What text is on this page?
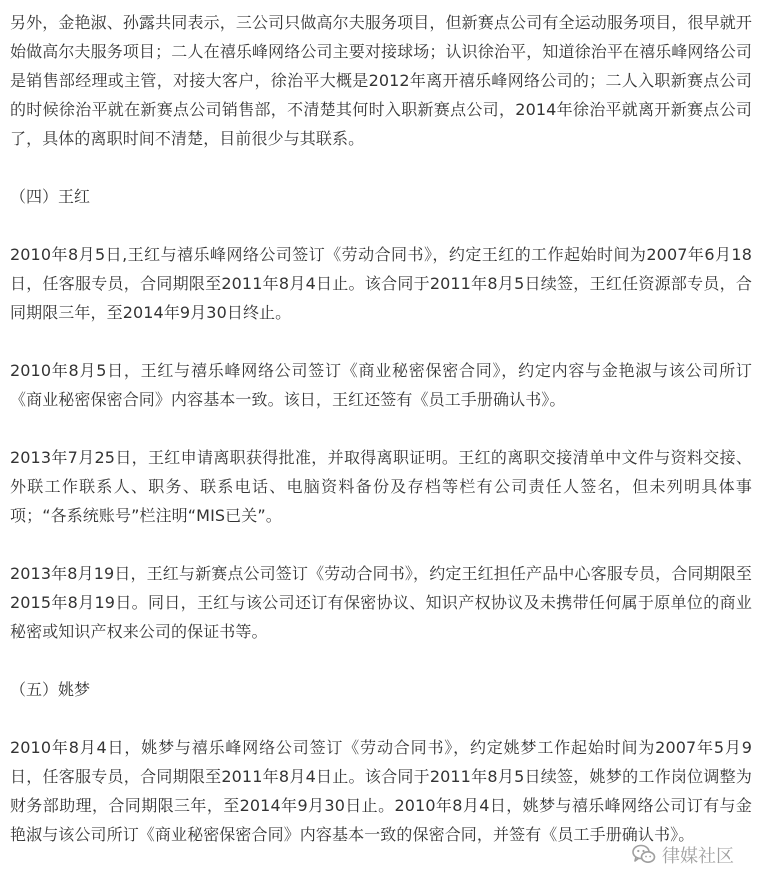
另外，金艳淑、孙露共同表示，三公司只做高尔夫服务项目，但新赛点公司有全运动服务项目，很早就开始做高尔夫服务项目；二人在禧乐峰网络公司主要对接球场；认识徐治平，知道徐治平在禧乐峰网络公司是销售部经理或主管，对接大客户，徐治平大概是2012年离开禧乐峰网络公司的；二人入职新赛点公司的时候徐治平就在新赛点公司销售部，不清楚其何时入职新赛点公司，2014年徐治平就离开新赛点公司了，具体的离职时间不清楚，目前很少与其联系。

（四）王红

2010年8月5日,王红与禧乐峰网络公司签订《劳动合同书》，约定王红的工作起始时间为2007年6月18日，任客服专员，合同期限至2011年8月4日止。该合同于2011年8月5日续签，王红任资源部专员，合同期限三年，至2014年9月30日终止。

2010年8月5日，王红与禧乐峰网络公司签订《商业秘密保密合同》，约定内容与金艳淑与该公司所订《商业秘密保密合同》内容基本一致。该日，王红还签有《员工手册确认书》。

2013年7月25日，王红申请离职获得批准，并取得离职证明。王红的离职交接清单中文件与资料交接、外联工作联系人、职务、联系电话、电脑资料备份及存档等栏有公司责任人签名，但未列明具体事项；“各系统账号”栏注明“MIS已关”。

2013年8月19日，王红与新赛点公司签订《劳动合同书》，约定王红担任产品中心客服专员，合同期限至2015年8月19日。同日，王红与该公司还订有保密协议、知识产权协议及未携带任何属于原单位的商业秘密或知识产权来公司的保证书等。

（五）姚梦

2010年8月4日，姚梦与禧乐峰网络公司签订《劳动合同书》，约定姚梦工作起始时间为2007年5月9日，任客服专员，合同期限至2011年8月4日止。该合同于2011年8月5日续签，姚梦的工作岗位调整为财务部助理，合同期限三年，至2014年9月30日止。2010年8月4日，姚梦与禧乐峰网络公司订有与金艳淑与该公司所订《商业秘密保密合同》内容基本一致的保密合同，并签有《员工手册确认书》。

律媒社区
